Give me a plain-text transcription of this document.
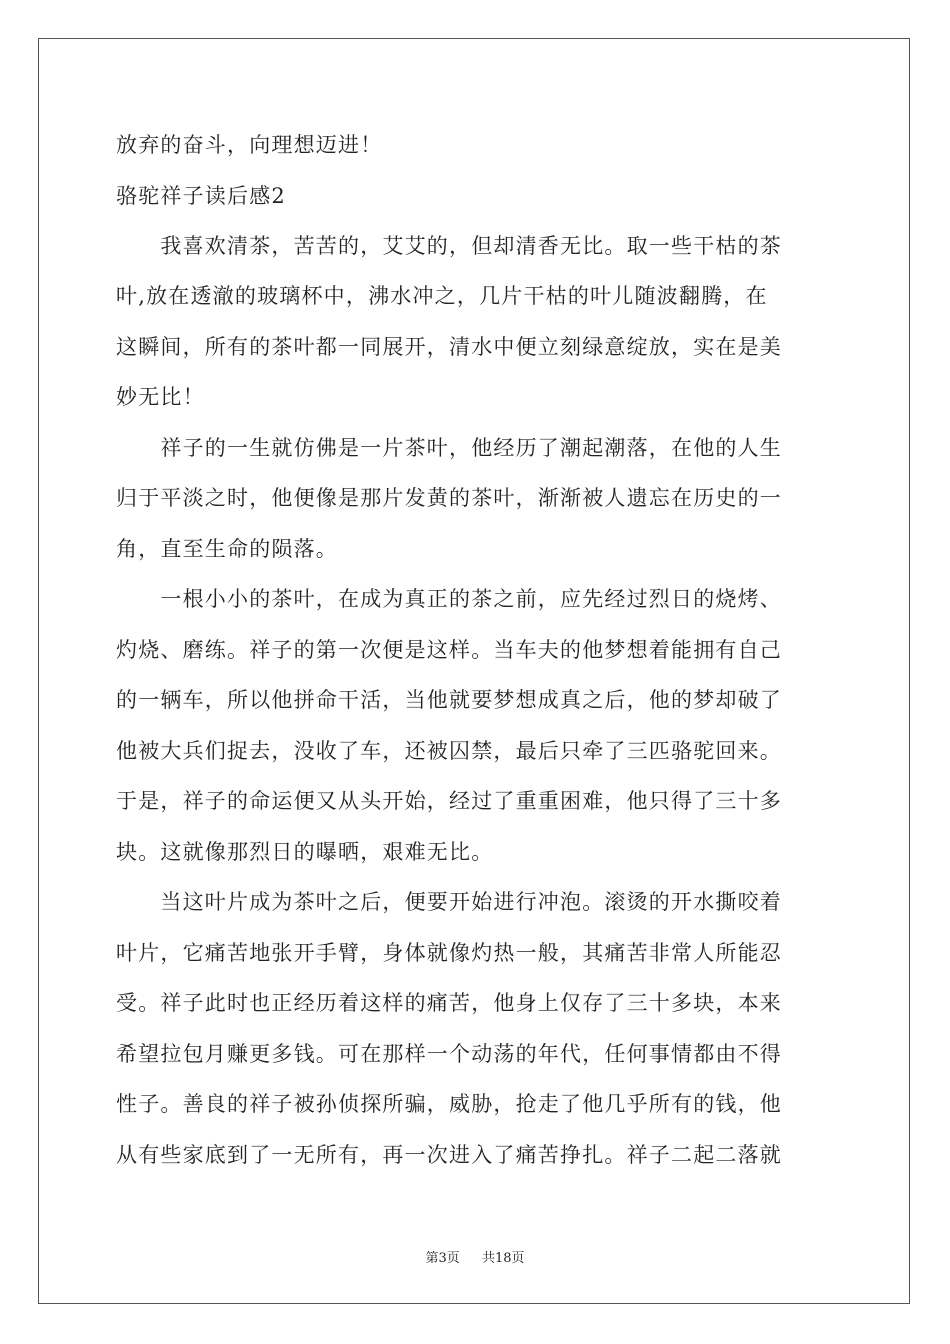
放弃的奋斗，向理想迈进！
骆驼祥子读后感2
　　我喜欢清茶，苦苦的，艾艾的，但却清香无比。取一些干枯的茶
叶,放在透澈的玻璃杯中，沸水冲之，几片干枯的叶儿随波翻腾，在
这瞬间，所有的茶叶都一同展开，清水中便立刻绿意绽放，实在是美
妙无比！
　　祥子的一生就仿佛是一片茶叶，他经历了潮起潮落，在他的人生
归于平淡之时，他便像是那片发黄的茶叶，渐渐被人遗忘在历史的一
角，直至生命的陨落。
　　一根小小的茶叶，在成为真正的茶之前，应先经过烈日的烧烤、
灼烧、磨练。祥子的第一次便是这样。当车夫的他梦想着能拥有自己
的一辆车，所以他拼命干活，当他就要梦想成真之后，他的梦却破了
他被大兵们捉去，没收了车，还被囚禁，最后只牵了三匹骆驼回来。
于是，祥子的命运便又从头开始，经过了重重困难，他只得了三十多
块。这就像那烈日的曝晒，艰难无比。
　　当这叶片成为茶叶之后，便要开始进行冲泡。滚烫的开水撕咬着
叶片，它痛苦地张开手臂，身体就像灼热一般，其痛苦非常人所能忍
受。祥子此时也正经历着这样的痛苦，他身上仅存了三十多块，本来
希望拉包月赚更多钱。可在那样一个动荡的年代，任何事情都由不得
性子。善良的祥子被孙侦探所骗，威胁，抢走了他几乎所有的钱，他
从有些家底到了一无所有，再一次进入了痛苦挣扎。祥子二起二落就
第3页 共18页
